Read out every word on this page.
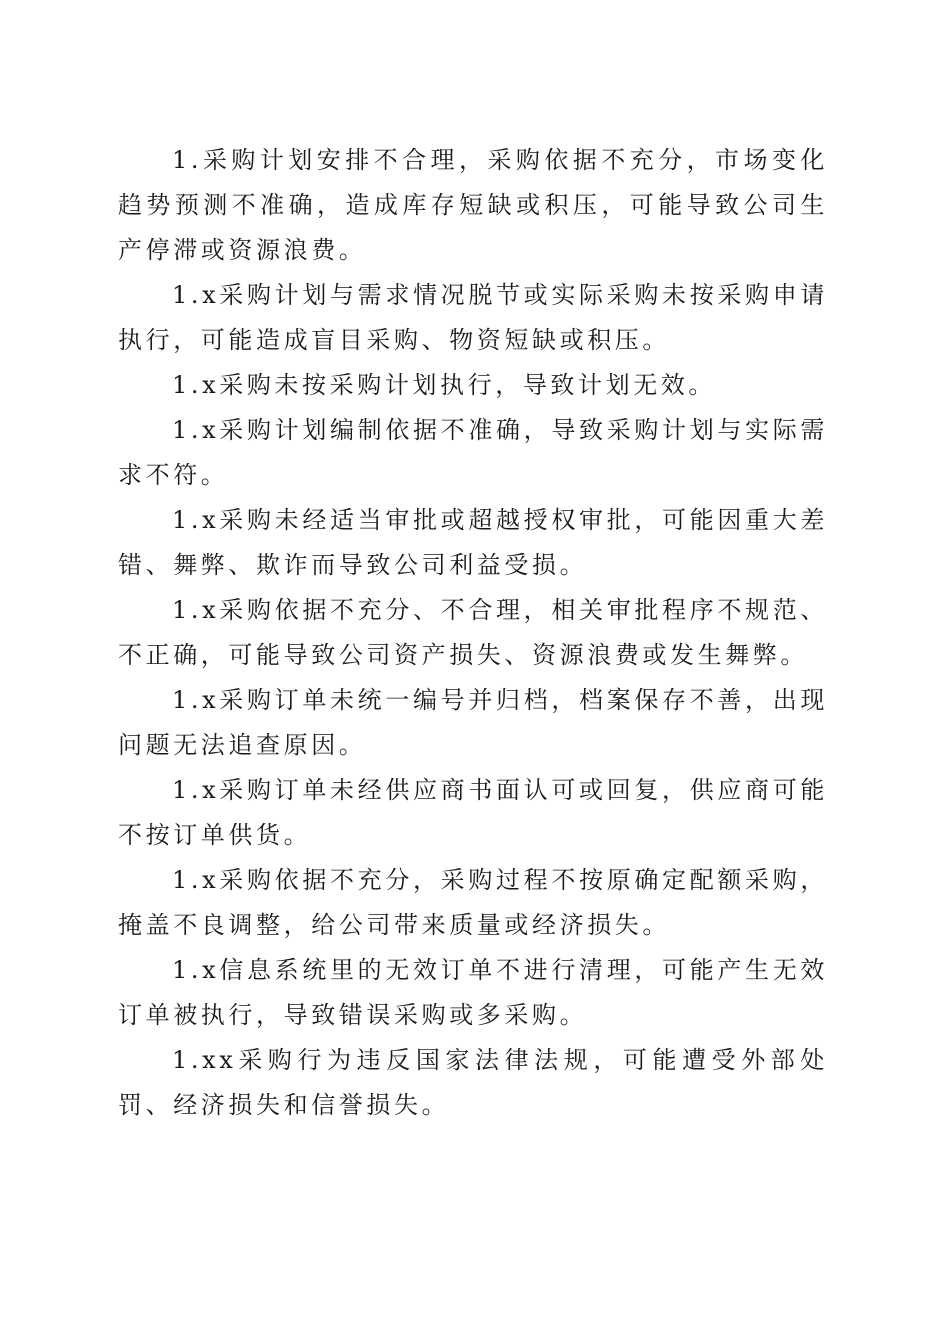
1.采购计划安排不合理，采购依据不充分，市场变化趋势预测不准确，造成库存短缺或积压，可能导致公司生产停滞或资源浪费。

1.x采购计划与需求情况脱节或实际采购未按采购申请执行，可能造成盲目采购、物资短缺或积压。

1.x采购未按采购计划执行，导致计划无效。

1.x采购计划编制依据不准确，导致采购计划与实际需求不符。

1.x采购未经适当审批或超越授权审批，可能因重大差错、舞弊、欺诈而导致公司利益受损。

1.x采购依据不充分、不合理，相关审批程序不规范、不正确，可能导致公司资产损失、资源浪费或发生舞弊。

1.x采购订单未统一编号并归档，档案保存不善，出现问题无法追查原因。

1.x采购订单未经供应商书面认可或回复，供应商可能不按订单供货。

1.x采购依据不充分，采购过程不按原确定配额采购，掩盖不良调整，给公司带来质量或经济损失。

1.x信息系统里的无效订单不进行清理，可能产生无效订单被执行，导致错误采购或多采购。

1.xx采购行为违反国家法律法规，可能遭受外部处罚、经济损失和信誉损失。
